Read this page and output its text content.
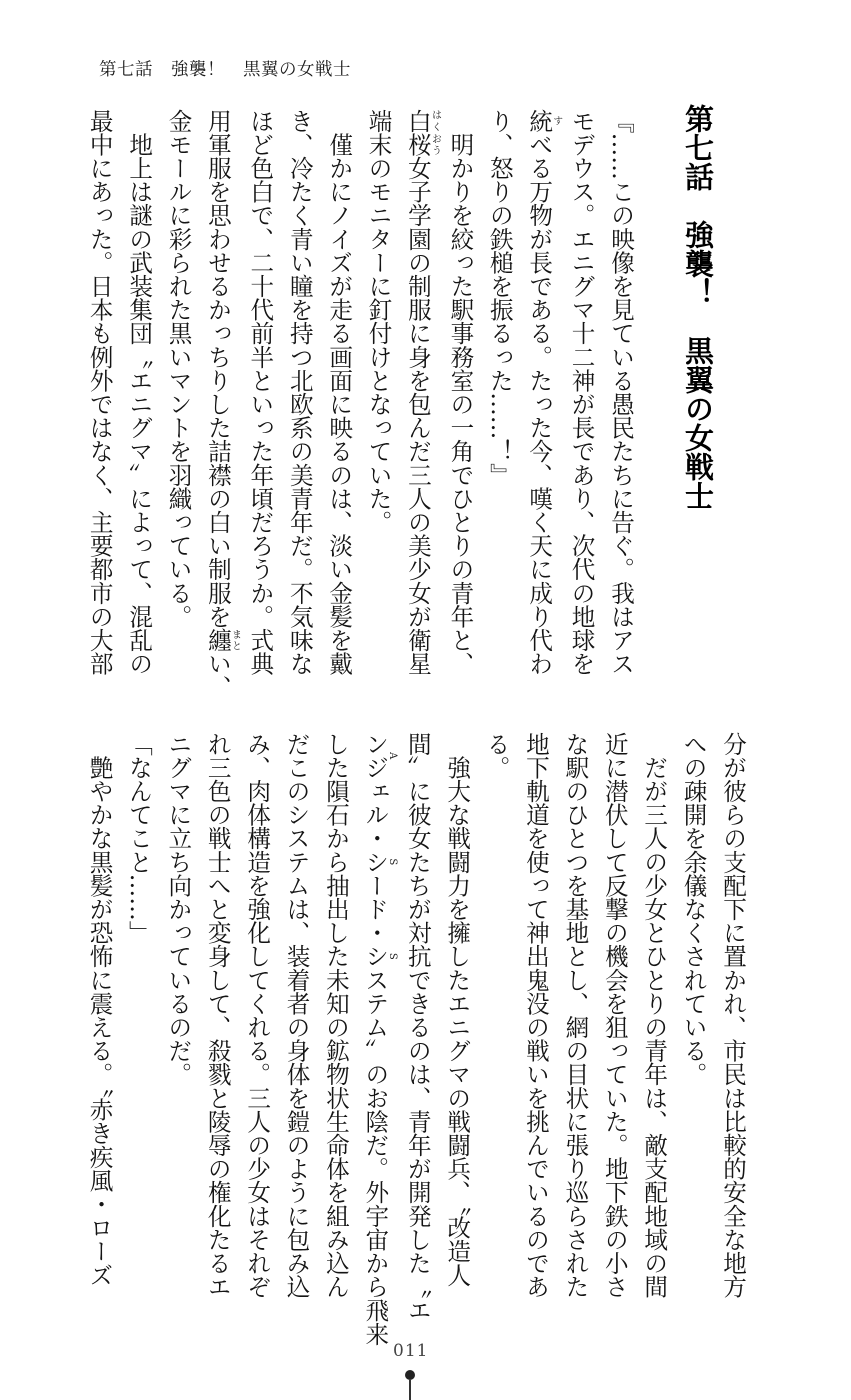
第七話　強襲！　黒翼の女戦士
第七話　強襲！　黒翼の女戦士
『……この映像を見ている愚民たちに告ぐ。我はアス
モデウス。エニグマ十二神が長であり、次代の地球を
統すべる万物が長である。たった今、嘆く天に成り代わ
り、怒りの鉄槌を振るった……！』
　明かりを絞った駅事務室の一角でひとりの青年と、
白桜はくおう女子学園の制服に身を包んだ三人の美少女が衛星
端末のモニターに釘付けとなっていた。
　僅かにノイズが走る画面に映るのは、淡い金髪を戴
き、冷たく青い瞳を持つ北欧系の美青年だ。不気味な
ほど色白で、二十代前半といった年頃だろうか。式典
用軍服を思わせるかっちりした詰襟の白い制服を纏まとい、
金モールに彩られた黒いマントを羽織っている。
　地上は謎の武装集団〝エニグマ〟によって、混乱の
最中にあった。日本も例外ではなく、主要都市の大部
分が彼らの支配下に置かれ、市民は比較的安全な地方
への疎開を余儀なくされている。
　だが三人の少女とひとりの青年は、敵支配地域の間
近に潜伏して反撃の機会を狙っていた。地下鉄の小さ
な駅のひとつを基地とし、網の目状に張り巡らされた
地下軌道を使って神出鬼没の戦いを挑んでいるのであ
る。
　強大な戦闘力を擁したエニグマの戦闘兵、〝改造人
間〟に彼女たちが対抗できるのは、青年が開発した〝エ
ンジAェル・シSード・シSステム〟のお陰だ。外宇宙から飛来
した隕石から抽出した未知の鉱物状生命体を組み込ん
だこのシステムは、装着者の身体を鎧のように包み込
み、肉体構造を強化してくれる。三人の少女はそれぞ
れ三色の戦士へと変身して、殺戮と陵辱の権化たるエ
ニグマに立ち向かっているのだ。
「なんてこと……」
　艶やかな黒髪が恐怖に震える。〝赤き疾風・ローズ
011
